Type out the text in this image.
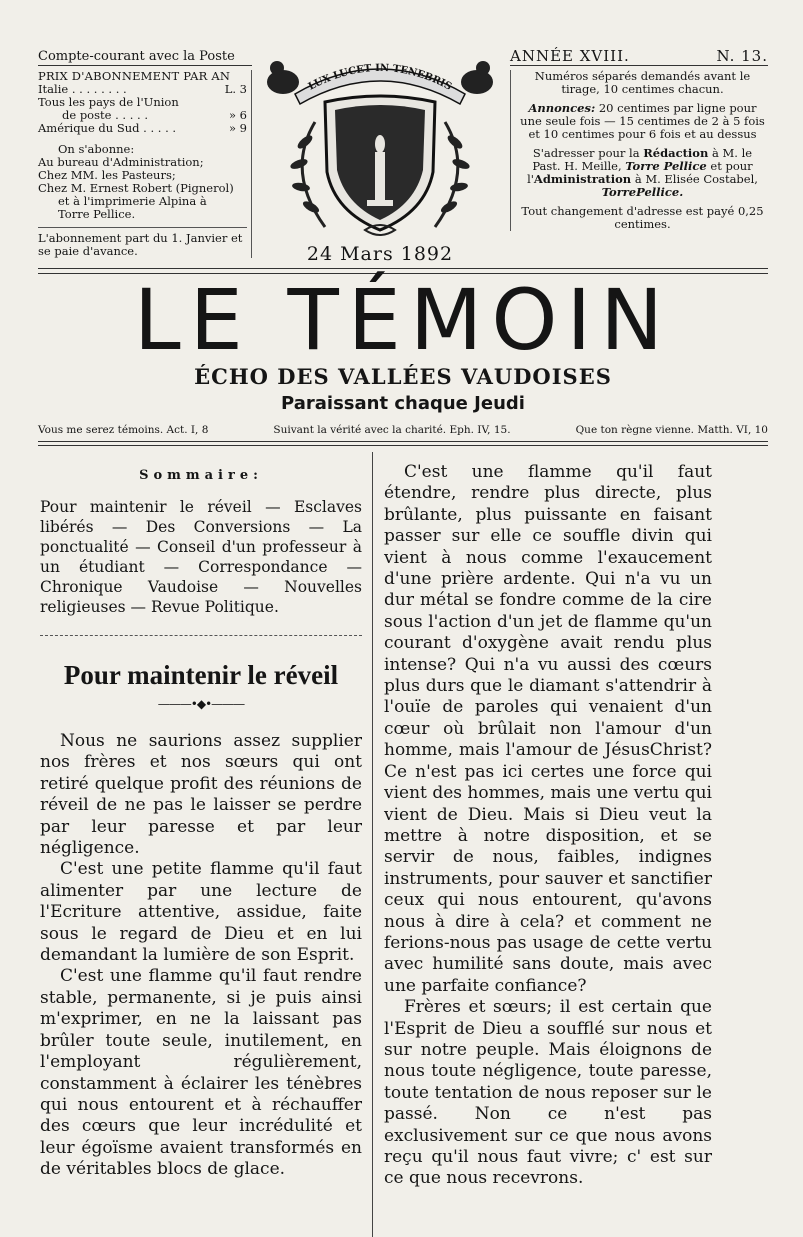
Compte-courant avec la Poste
PRIX D'ABONNEMENT PAR AN
Italie . . . . . . . .	L. 3
Tous les pays de l'Union
de poste . . . . .	» 6
Amérique du Sud . . . . .	» 9
On s'abonne:
Au bureau d'Administration;
Chez MM. les Pasteurs;
Chez M. Ernest Robert (Pignerol)
et à l'imprimerie Alpina à
Torre Pellice.
L'abonnement part du 1. Janvier et se paie d'avance.
LUX LUCET IN TENEBRIS
24 Mars 1892
ANNÉE XVIII.	N. 13.

Numéros séparés demandés avant le tirage, 10 centimes chacun.

Annonces: 20 centimes par ligne pour une seule fois — 15 centimes de 2 à 5 fois et 10 centimes pour 6 fois et au dessus

S'adresser pour la Rédaction à M. le Past. H. Meille, Torre Pellice et pour l'Administration à M. Elisée Costabel, TorrePellice.

Tout changement d'adresse est payé 0,25 centimes.

LE TÉMOIN
ÉCHO DES VALLÉES VAUDOISES
Paraissant chaque Jeudi
Vous me serez témoins. Act. I, 8	Suivant la vérité avec la charité. Eph. IV, 15.	Que ton règne vienne. Matth. VI, 10
Sommaire:
Pour maintenir le réveil — Esclaves libérés — Des Conversions — La ponctualité — Conseil d'un professeur à un étudiant — Correspondance — Chronique Vaudoise — Nouvelles religieuses — Revue Politique.
Pour maintenir le réveil
———•◆•———

Nous ne saurions assez supplier nos frères et nos sœurs qui ont retiré quelque profit des réunions de réveil de ne pas le laisser se perdre par leur paresse et par leur négligence.

C'est une petite flamme qu'il faut alimenter par une lecture de l'Ecriture attentive, assidue, faite sous le regard de Dieu et en lui demandant la lumière de son Esprit.

C'est une flamme qu'il faut rendre stable, permanente, si je puis ainsi m'exprimer, en ne la laissant pas brûler toute seule, inutilement, en l'employant régulièrement, constamment à éclairer les ténèbres qui nous entourent et à réchauffer des cœurs que leur incrédulité et leur égoïsme avaient transformés en de véritables blocs de glace.

C'est une flamme qu'il faut étendre, rendre plus directe, plus brûlante, plus puissante en faisant passer sur elle ce souffle divin qui vient à nous comme l'exaucement d'une prière ardente. Qui n'a vu un dur métal se fondre comme de la cire sous l'action d'un jet de flamme qu'un courant d'oxygène avait rendu plus intense? Qui n'a vu aussi des cœurs plus durs que le diamant s'attendrir à l'ouïe de paroles qui venaient d'un cœur où brûlait non l'amour d'un homme, mais l'amour de JésusChrist? Ce n'est pas ici certes une force qui vient des hommes, mais une vertu qui vient de Dieu. Mais si Dieu veut la mettre à notre disposition, et se servir de nous, faibles, indignes instruments, pour sauver et sanctifier ceux qui nous entourent, qu'avons nous à dire à cela? et comment ne ferions-nous pas usage de cette vertu avec humilité sans doute, mais avec une parfaite confiance?

Frères et sœurs; il est certain que l'Esprit de Dieu a soufflé sur nous et sur notre peuple. Mais éloignons de nous toute négligence, toute paresse, toute tentation de nous reposer sur le passé. Non ce n'est pas exclusivement sur ce que nous avons reçu qu'il nous faut vivre; c' est sur ce que nous recevrons.
